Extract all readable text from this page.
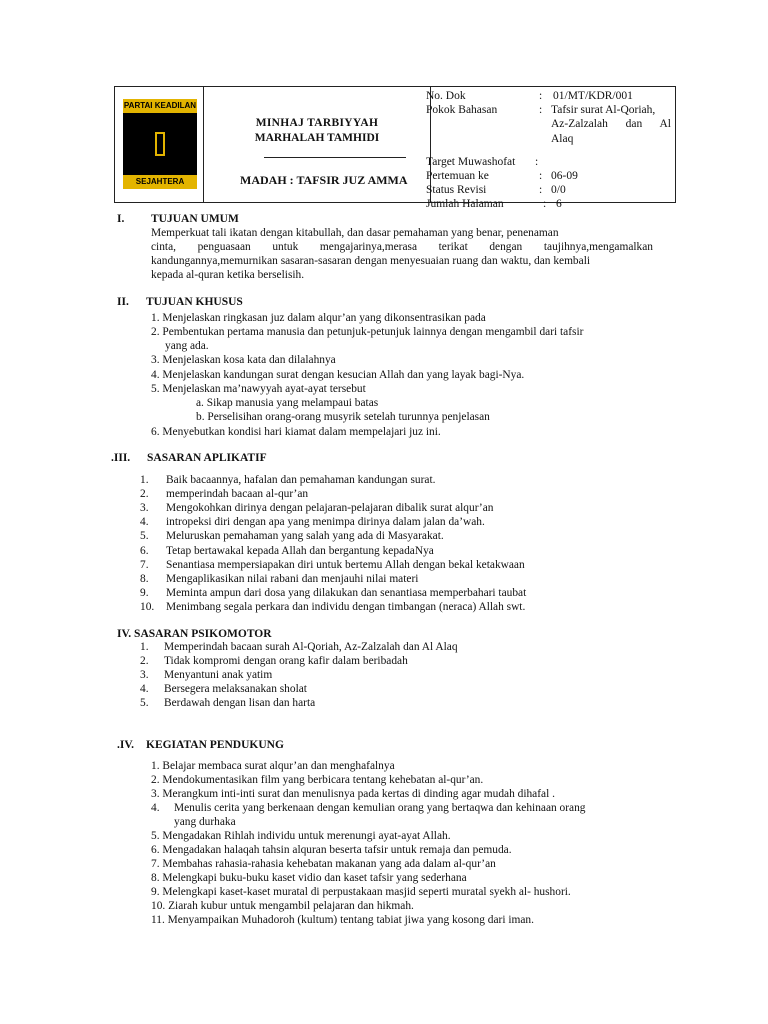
PARTAI KEADILAN
SEJAHTERA
MINHAJ TARBIYYAH
MARHALAH TAMHIDI
MADAH : TAFSIR JUZ AMMA
No. Dok	: 01/MT/KDR/001
Pokok Bahasan	: Tafsir surat Al-Qoriah,
Az-Zalzalah dan Al
Alaq
Target Muwashofat :
Pertemuan ke	: 06-09
Status Revisi	: 0/0
Jumlah Halaman	: 6
I. TUJUAN UMUM
Memperkuat tali ikatan dengan kitabullah, dan dasar pemahaman yang benar, penenaman
cinta, penguasaan untuk mengajarinya,merasa terikat dengan taujihnya,mengamalkan
kandungannya,memurnikan sasaran-sasaran dengan menyesuaian ruang dan waktu, dan kembali
kepada al-quran ketika berselisih.
II. TUJUAN KHUSUS
1. Menjelaskan ringkasan juz dalam alqur’an yang dikonsentrasikan pada
2. Pembentukan pertama manusia dan petunjuk-petunjuk lainnya dengan mengambil dari tafsir
yang ada.
3. Menjelaskan kosa kata dan dilalahnya
4. Menjelaskan kandungan surat dengan kesucian Allah dan yang layak bagi-Nya.
5. Menjelaskan ma’nawyyah ayat-ayat tersebut
a. Sikap manusia yang melampaui batas
b. Perselisihan orang-orang musyrik setelah turunnya penjelasan
6. Menyebutkan kondisi hari kiamat dalam mempelajari juz ini.
.III. SASARAN APLIKATIF
1. Baik bacaannya, hafalan dan pemahaman kandungan surat.
2. memperindah bacaan al-qur’an
3. Mengokohkan dirinya dengan pelajaran-pelajaran dibalik surat alqur’an
4. intropeksi diri dengan apa yang menimpa dirinya dalam jalan da’wah.
5. Meluruskan pemahaman yang salah yang ada di Masyarakat.
6. Tetap bertawakal kepada Allah dan bergantung kepadaNya
7. Senantiasa mempersiapakan diri untuk bertemu Allah dengan bekal ketakwaan
8. Mengaplikasikan nilai rabani dan menjauhi nilai materi
9. Meminta ampun dari dosa yang dilakukan dan senantiasa memperbahari taubat
10. Menimbang segala perkara dan individu dengan timbangan (neraca) Allah swt.
IV. SASARAN PSIKOMOTOR
1. Memperindah bacaan surah Al-Qoriah, Az-Zalzalah dan Al Alaq
2. Tidak kompromi dengan orang kafir dalam beribadah
3. Menyantuni anak yatim
4. Bersegera melaksanakan sholat
5. Berdawah dengan lisan dan harta
.IV. KEGIATAN PENDUKUNG
1. Belajar membaca surat alqur’an dan menghafalnya
2. Mendokumentasikan film yang berbicara tentang kehebatan al-qur’an.
3. Merangkum inti-inti surat dan menulisnya pada kertas di dinding agar mudah dihafal .
4. Menulis cerita yang berkenaan dengan kemulian orang yang bertaqwa dan kehinaan orang
yang durhaka
5. Mengadakan Rihlah individu untuk merenungi ayat-ayat Allah.
6. Mengadakan halaqah tahsin alquran beserta tafsir untuk remaja dan pemuda.
7. Membahas rahasia-rahasia kehebatan makanan yang ada dalam al-qur’an
8. Melengkapi buku-buku kaset vidio dan kaset tafsir yang sederhana
9. Melengkapi kaset-kaset muratal di perpustakaan masjid seperti muratal syekh al- hushori.
10. Ziarah kubur untuk mengambil pelajaran dan hikmah.
11. Menyampaikan Muhadoroh (kultum) tentang tabiat jiwa yang kosong dari iman.
